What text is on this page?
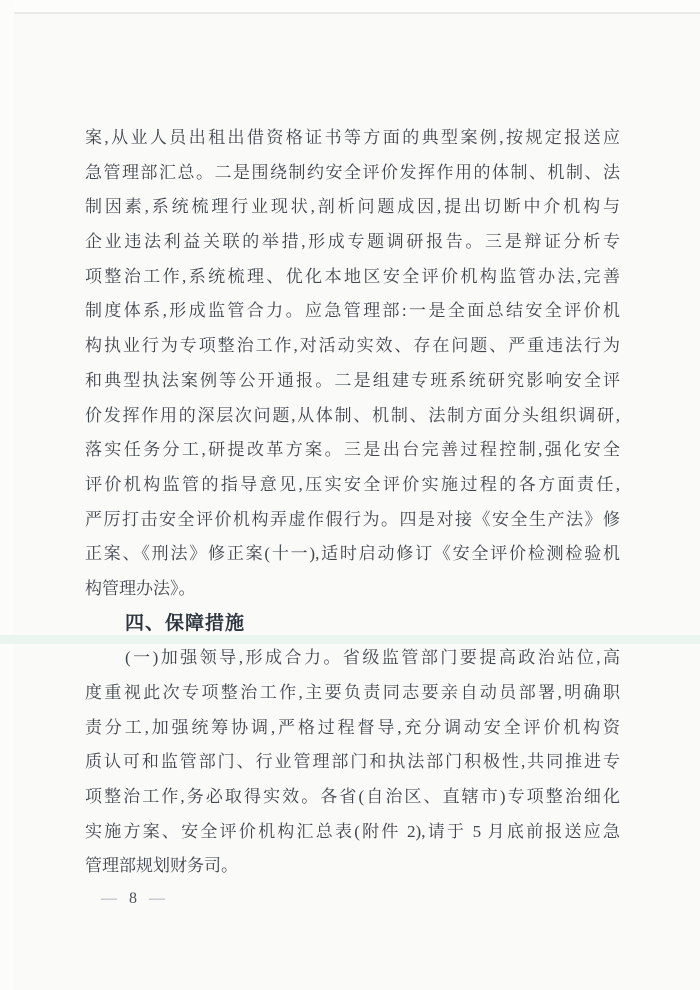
案,从业人员出租出借资格证书等方面的典型案例,按规定报送应
急管理部汇总。二是围绕制约安全评价发挥作用的体制、机制、法
制因素,系统梳理行业现状,剖析问题成因,提出切断中介机构与
企业违法利益关联的举措,形成专题调研报告。三是辩证分析专
项整治工作,系统梳理、优化本地区安全评价机构监管办法,完善
制度体系,形成监管合力。应急管理部:一是全面总结安全评价机
构执业行为专项整治工作,对活动实效、存在问题、严重违法行为
和典型执法案例等公开通报。二是组建专班系统研究影响安全评
价发挥作用的深层次问题,从体制、机制、法制方面分头组织调研,
落实任务分工,研提改革方案。三是出台完善过程控制,强化安全
评价机构监管的指导意见,压实安全评价实施过程的各方面责任,
严厉打击安全评价机构弄虚作假行为。四是对接《安全生产法》修
正案、《刑法》修正案(十一),适时启动修订《安全评价检测检验机
构管理办法》。
四、保障措施
(一)加强领导,形成合力。省级监管部门要提高政治站位,高
度重视此次专项整治工作,主要负责同志要亲自动员部署,明确职
责分工,加强统筹协调,严格过程督导,充分调动安全评价机构资
质认可和监管部门、行业管理部门和执法部门积极性,共同推进专
项整治工作,务必取得实效。各省(自治区、直辖市)专项整治细化
实施方案、安全评价机构汇总表(附件 2),请于 5 月底前报送应急
管理部规划财务司。
— 8 —
